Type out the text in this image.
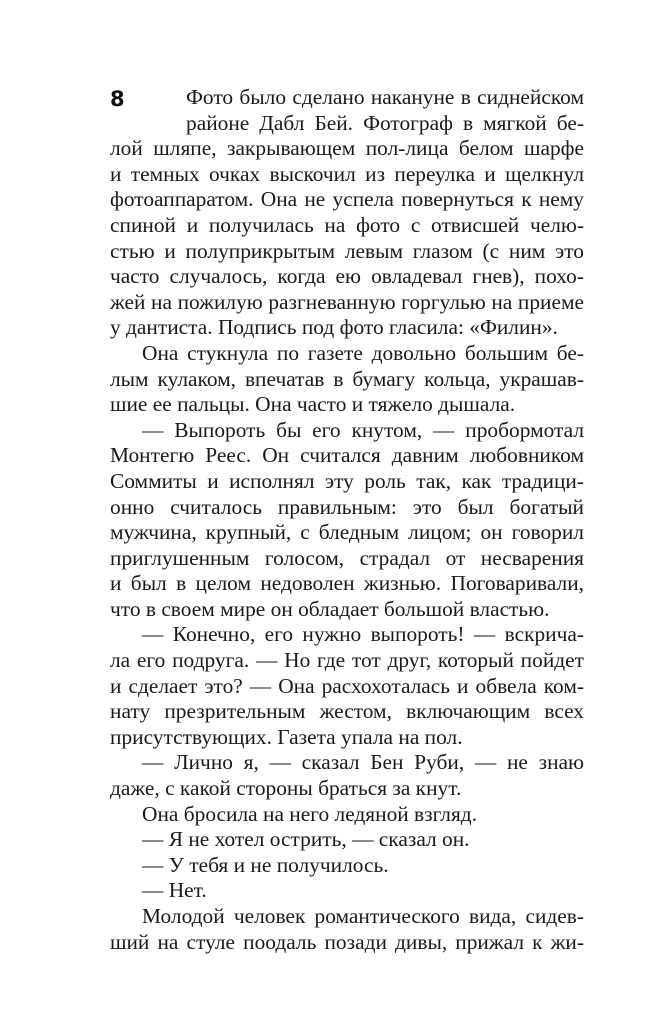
8	Фото было сделано накануне в сиднейском
районе Дабл Бей. Фотограф в мягкой бе-
лой шляпе, закрывающем пол-лица белом шарфе
и темных очках выскочил из переулка и щелкнул
фотоаппаратом. Она не успела повернуться к нему
спиной и получилась на фото с отвисшей челю-
стью и полуприкрытым левым глазом (с ним это
часто случалось, когда ею овладевал гнев), похо-
жей на пожилую разгневанную горгулью на приеме
у дантиста. Подпись под фото гласила: «Филин».
Она стукнула по газете довольно большим бе-
лым кулаком, впечатав в бумагу кольца, украшав-
шие ее пальцы. Она часто и тяжело дышала.
— Выпороть бы его кнутом, — пробормотал
Монтегю Реес. Он считался давним любовником
Соммиты и исполнял эту роль так, как традици-
онно считалось правильным: это был богатый
мужчина, крупный, с бледным лицом; он говорил
приглушенным голосом, страдал от несварения
и был в целом недоволен жизнью. Поговаривали,
что в своем мире он обладает большой властью.
— Конечно, его нужно выпороть! — вскрича-
ла его подруга. — Но где тот друг, который пойдет
и сделает это? — Она расхохоталась и обвела ком-
нату презрительным жестом, включающим всех
присутствующих. Газета упала на пол.
— Лично я, — сказал Бен Руби, — не знаю
даже, с какой стороны браться за кнут.
Она бросила на него ледяной взгляд.
— Я не хотел острить, — сказал он.
— У тебя и не получилось.
— Нет.
Молодой человек романтического вида, сидев-
ший на стуле поодаль позади дивы, прижал к жи-
